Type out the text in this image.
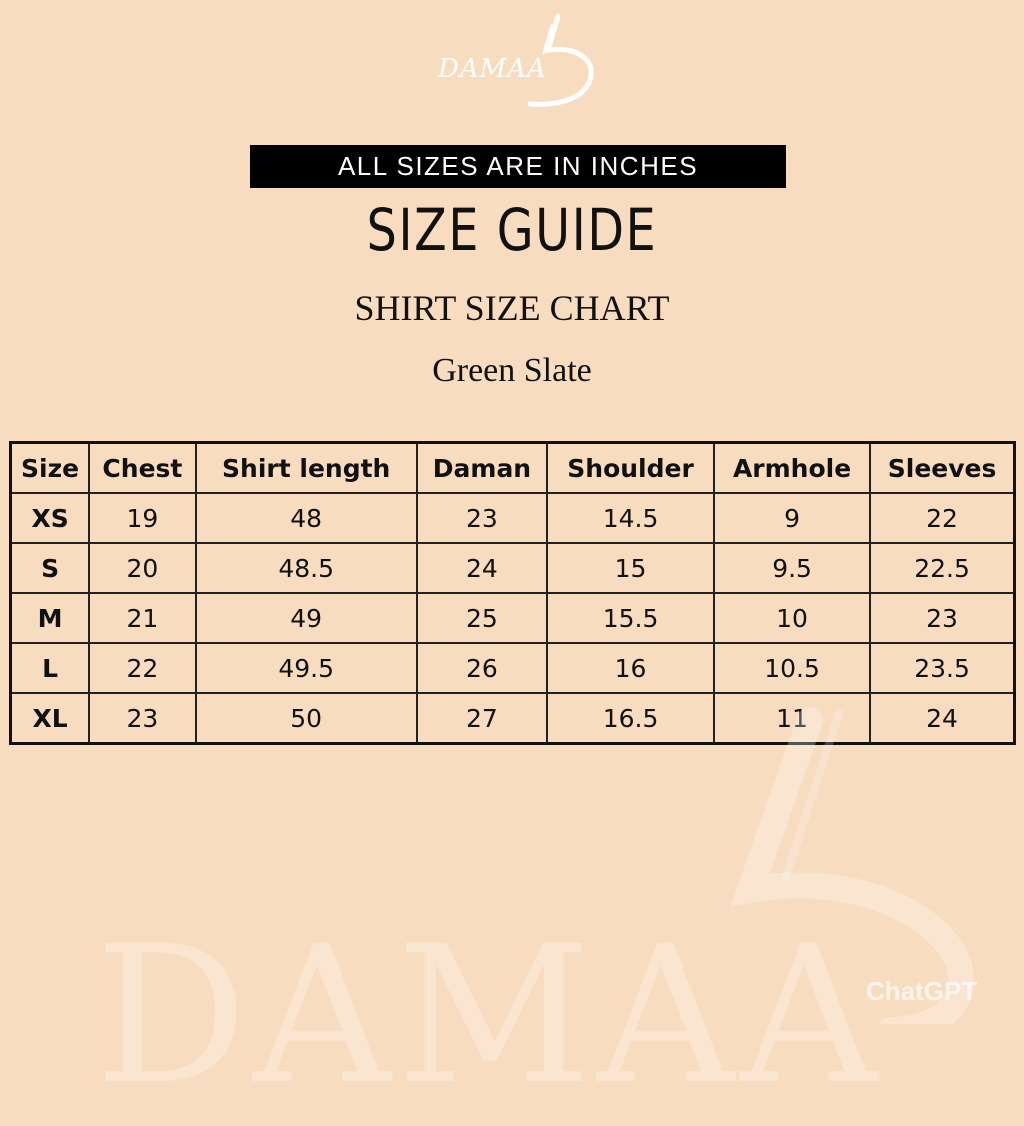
DAMAA
ALL SIZES ARE IN INCHES
SIZE GUIDE
SHIRT SIZE CHART
Green Slate
Size	Chest	Shirt length	Daman	Shoulder	Armhole	Sleeves
XS	19	48	23	14.5	9	22
S	20	48.5	24	15	9.5	22.5
M	21	49	25	15.5	10	23
L	22	49.5	26	16	10.5	23.5
XL	23	50	27	16.5	11	24
DAMAA
ChatGPT
